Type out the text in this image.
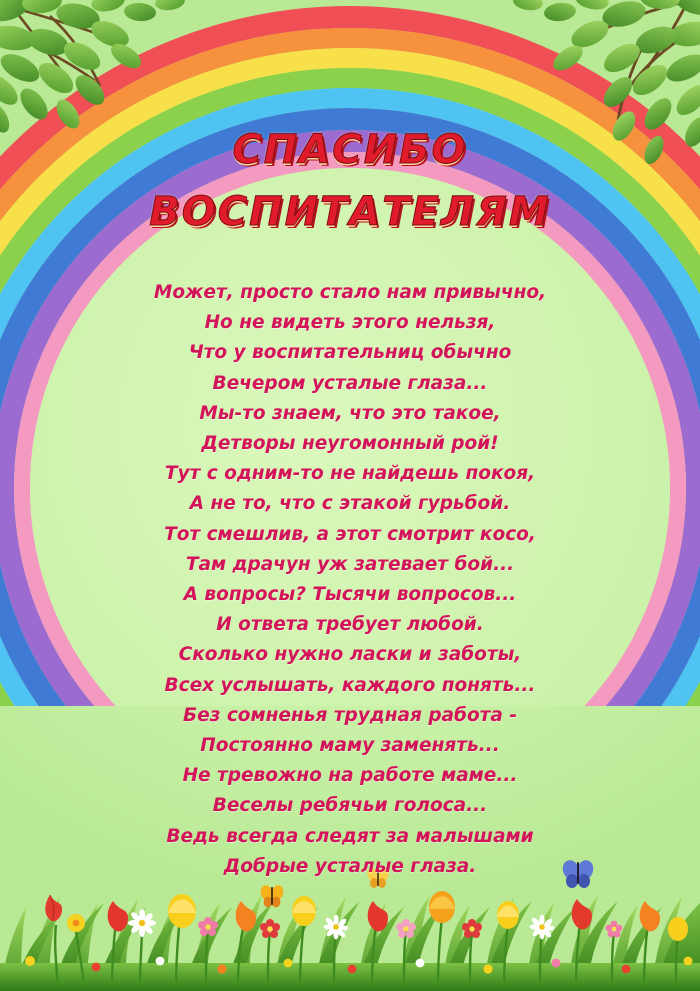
СПАСИБО
ВОСПИТАТЕЛЯМ
Может, просто стало нам привычно,
Но не видеть этого нельзя,
Что у воспитательниц обычно
Вечером усталые глаза...
Мы-то знаем, что это такое,
Детворы неугомонный рой!
Тут с одним-то не найдешь покоя,
А не то, что с этакой гурьбой.
Тот смешлив, а этот смотрит косо,
Там драчун уж затевает бой...
А вопросы? Тысячи вопросов...
И ответа требует любой.
Сколько нужно ласки и заботы,
Всех услышать, каждого понять...
Без сомненья трудная работа -
Постоянно маму заменять...
Не тревожно на работе маме...
Веселы ребячьи голоса...
Ведь всегда следят за малышами
Добрые усталые глаза.
